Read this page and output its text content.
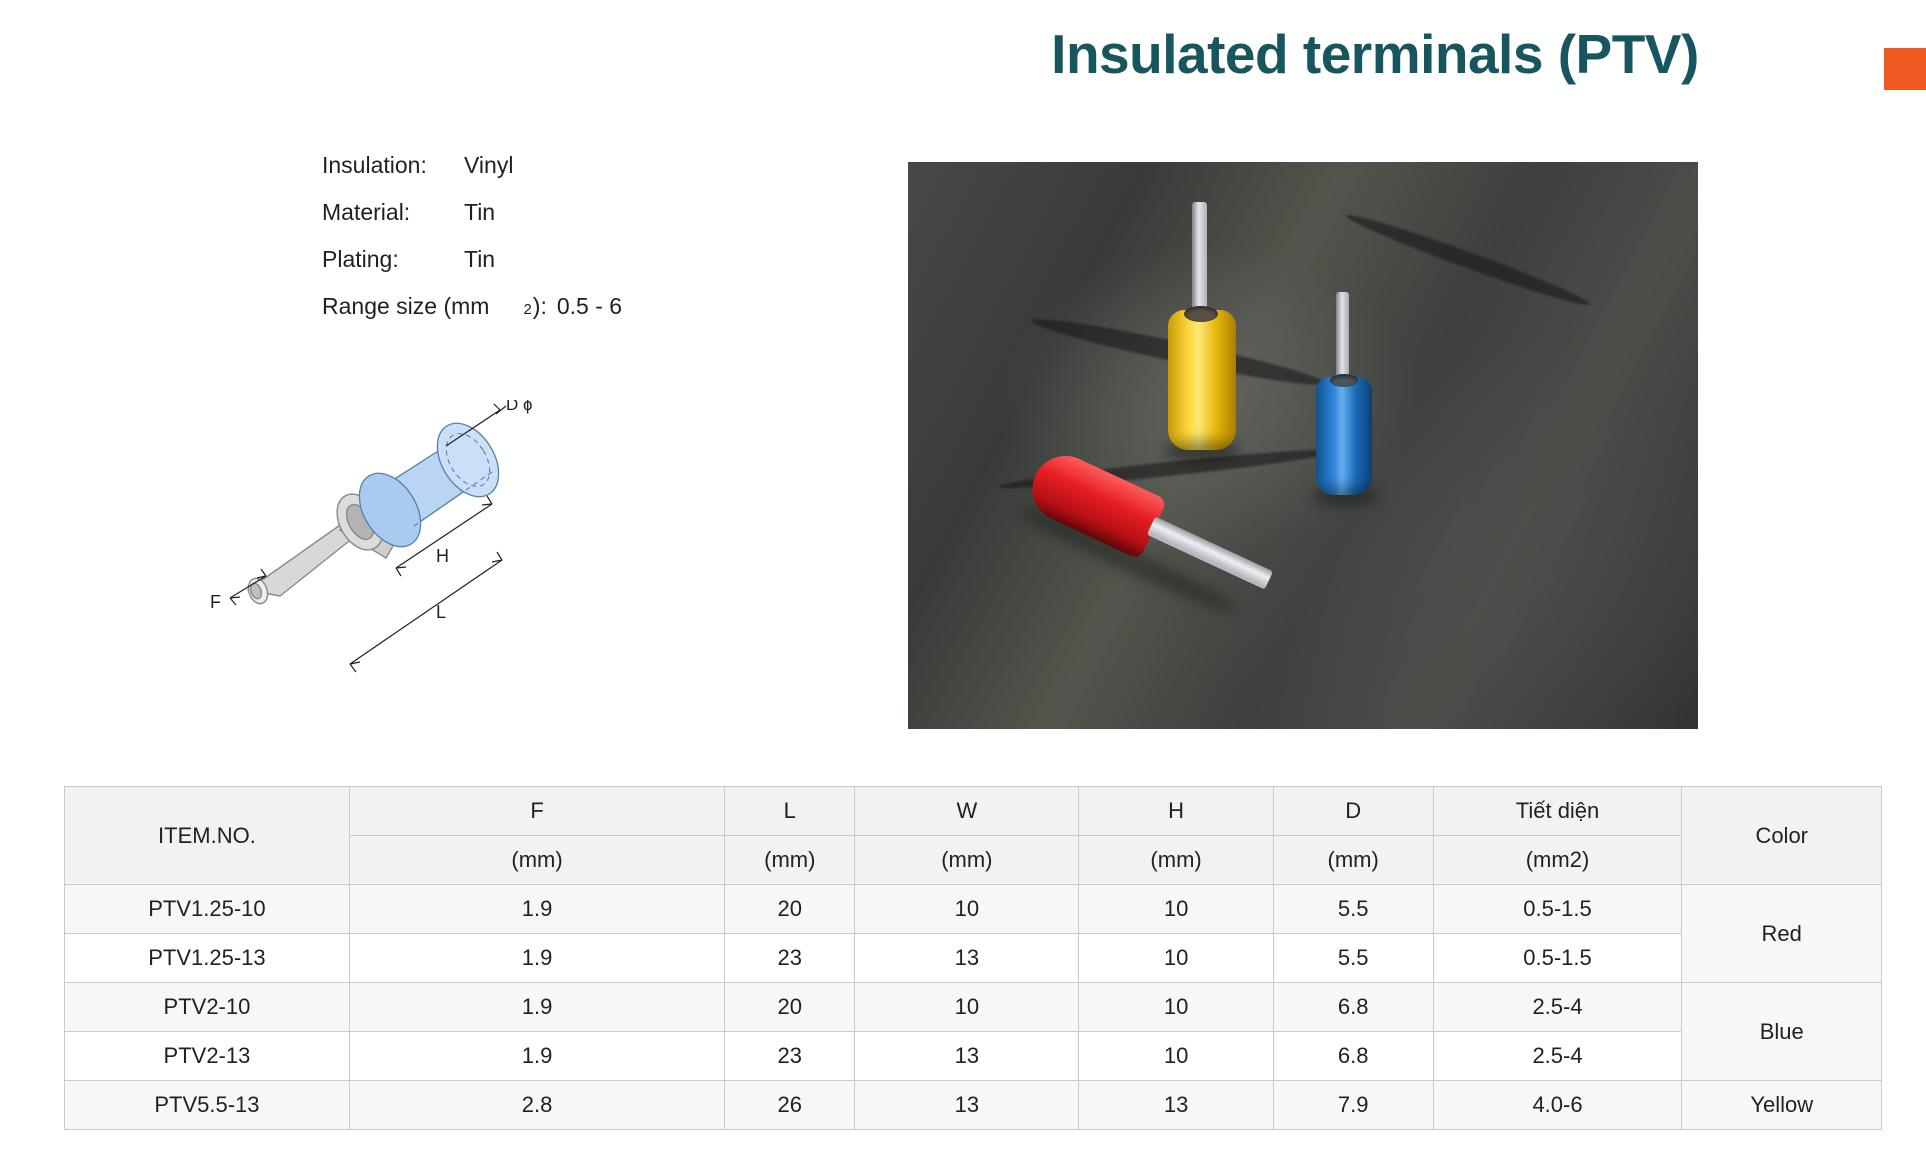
Insulated terminals (PTV)
Insulation:	Vinyl
Material:	Tin
Plating:	Tin
Range size (mm 2 ): 0.5 - 6
D ɸ
H
L
F
ITEM.NO.	F	L	W	H	D	Tiết diện	Color
	(mm)	(mm)	(mm)	(mm)	(mm)	(mm2)	
PTV1.25-10	1.9	20	10	10	5.5	0.5-1.5	Red
PTV1.25-13	1.9	23	13	10	5.5	0.5-1.5	
PTV2-10	1.9	20	10	10	6.8	2.5-4	Blue
PTV2-13	1.9	23	13	10	6.8	2.5-4	
PTV5.5-13	2.8	26	13	13	7.9	4.0-6	Yellow
